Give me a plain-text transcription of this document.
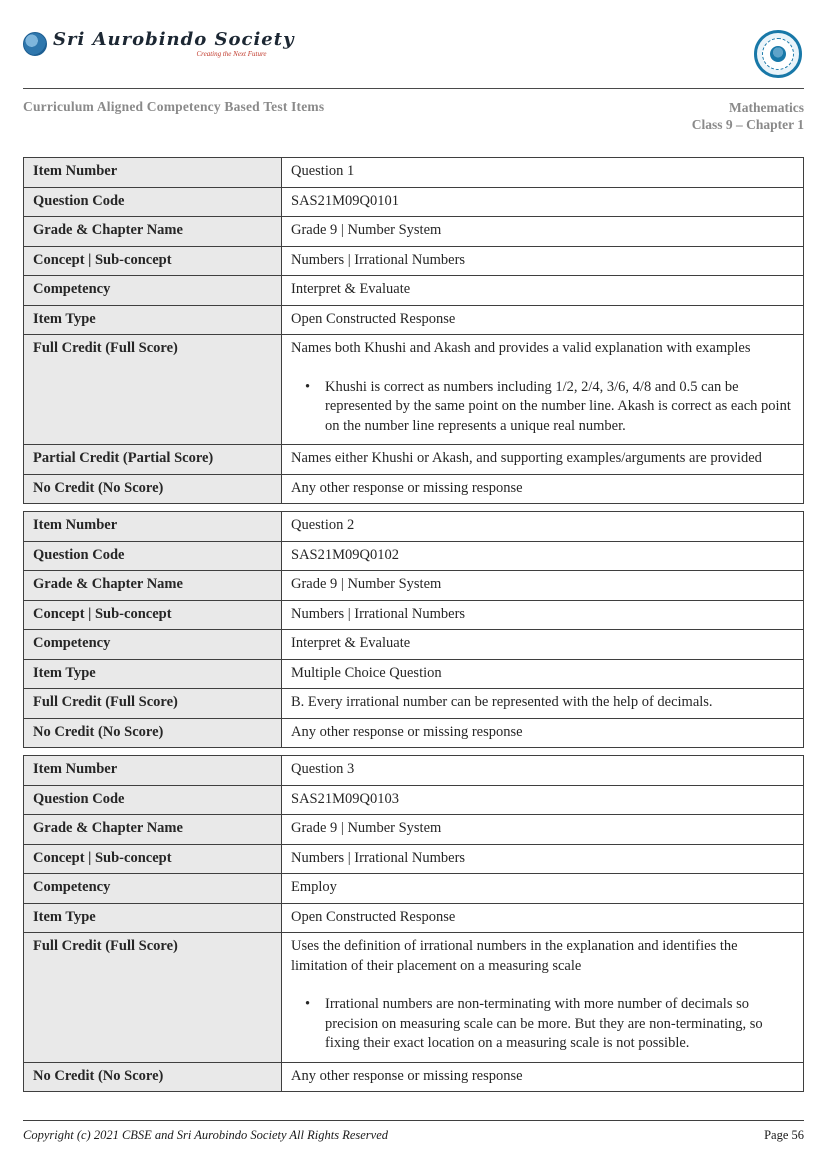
Sri Aurobindo Society
Creating the Next Future
Curriculum Aligned Competency Based Test Items	Mathematics
Class 9 – Chapter 1
Item Number	Question 1
Question Code	SAS21M09Q0101
Grade & Chapter Name	Grade 9 | Number System
Concept | Sub-concept	Numbers | Irrational Numbers
Competency	Interpret & Evaluate
Item Type	Open Constructed Response
Full Credit (Full Score)	Names both Khushi and Akash and provides a valid explanation with examples
• Khushi is correct as numbers including 1/2, 2/4, 3/6, 4/8 and 0.5 can be represented by the same point on the number line. Akash is correct as each point on the number line represents a unique real number.

Partial Credit (Partial Score)	Names either Khushi or Akash, and supporting examples/arguments are provided
No Credit (No Score)	Any other response or missing response
Item Number	Question 2
Question Code	SAS21M09Q0102
Grade & Chapter Name	Grade 9 | Number System
Concept | Sub-concept	Numbers | Irrational Numbers
Competency	Interpret & Evaluate
Item Type	Multiple Choice Question
Full Credit (Full Score)	B. Every irrational number can be represented with the help of decimals.
No Credit (No Score)	Any other response or missing response
Item Number	Question 3
Question Code	SAS21M09Q0103
Grade & Chapter Name	Grade 9 | Number System
Concept | Sub-concept	Numbers | Irrational Numbers
Competency	Employ
Item Type	Open Constructed Response
Full Credit (Full Score)	Uses the definition of irrational numbers in the explanation and identifies the limitation of their placement on a measuring scale
• Irrational numbers are non-terminating with more number of decimals so precision on measuring scale can be more. But they are non-terminating, so fixing their exact location on a measuring scale is not possible.

No Credit (No Score)	Any other response or missing response
Copyright (c) 2021 CBSE and Sri Aurobindo Society All Rights Reserved	Page 56
